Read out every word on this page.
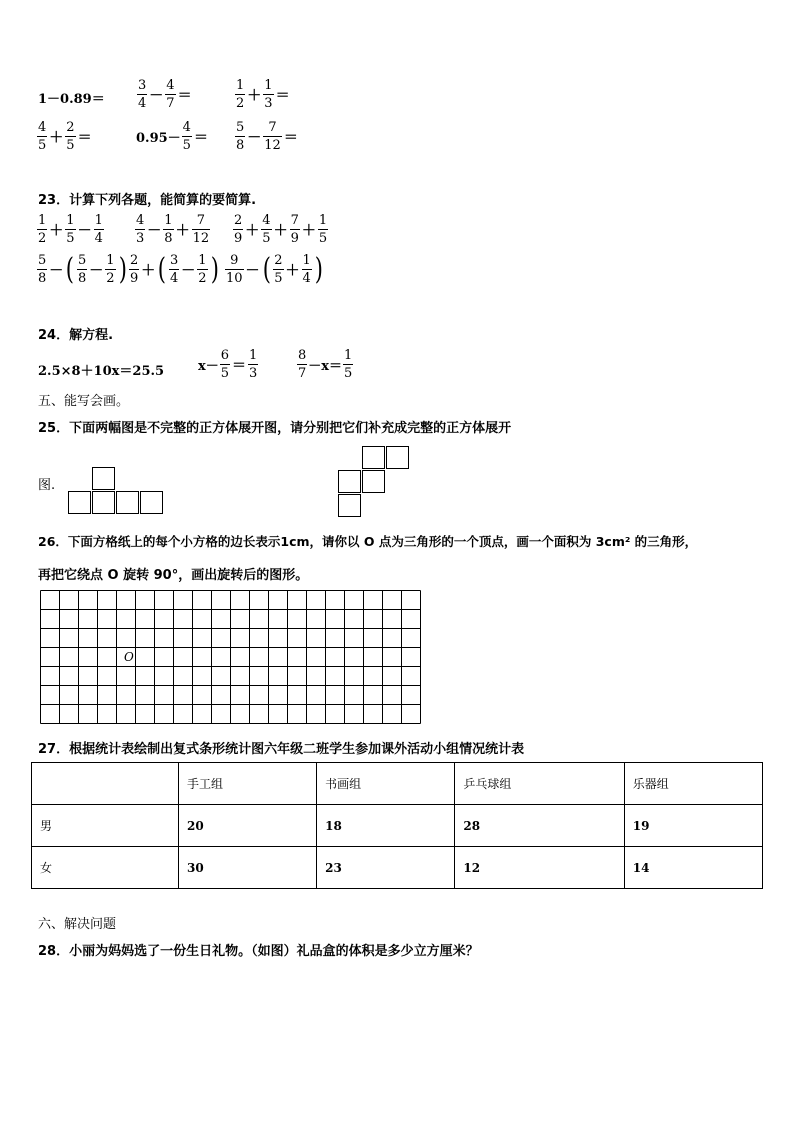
$1-0.89= \frac{3}{4} - \frac{4}{7}$ ＝	$\frac{1}{2} + \frac{1}{3}$ ＝
$\frac{4}{5} + \frac{2}{5}$ ＝	$0.95- \frac{4}{5} = \frac{5}{8} - \frac{7}{12}$ ＝
23．计算下列各题，能简算的要简算.
$\frac{1}{2} + \frac{1}{5} - \frac{1}{4} \frac{4}{3} - \frac{1}{8} + \frac{7}{12} \frac{2}{9} + \frac{4}{5} + \frac{7}{9} + \frac{1}{5}$
$\frac{5}{8}$ － ( $\frac{5}{8} - \frac{1}{2}$ ) $\frac{2}{9}$ ＋ ( $\frac{3}{4} - \frac{1}{2}$ ) $\frac{9}{10}$ － ( $\frac{2}{5} + \frac{1}{4}$ )
24．解方程.
2.5×8＋10x＝25.5	$x- \frac{6}{5} = \frac{1}{3}$	$\frac{8}{7} -x= \frac{1}{5}$
五、能写会画。
25．下面两幅图是不完整的正方体展开图，请分别把它们补充成完整的正方体展开
图.
26．下面方格纸上的每个小方格的边长表示1cm，请你以 O 点为三角形的一个顶点，画一个面积为 3cm² 的三角形，
再把它绕点 O 旋转 90°，画出旋转后的图形。
O
27．根据统计表绘制出复式条形统计图六年级二班学生参加课外活动小组情况统计表
	手工组	书画组	乒乓球组	乐器组
男	20	18	28	19
女	30	23	12	14
六、解决问题
28．小丽为妈妈选了一份生日礼物。（如图）礼品盒的体积是多少立方厘米？
